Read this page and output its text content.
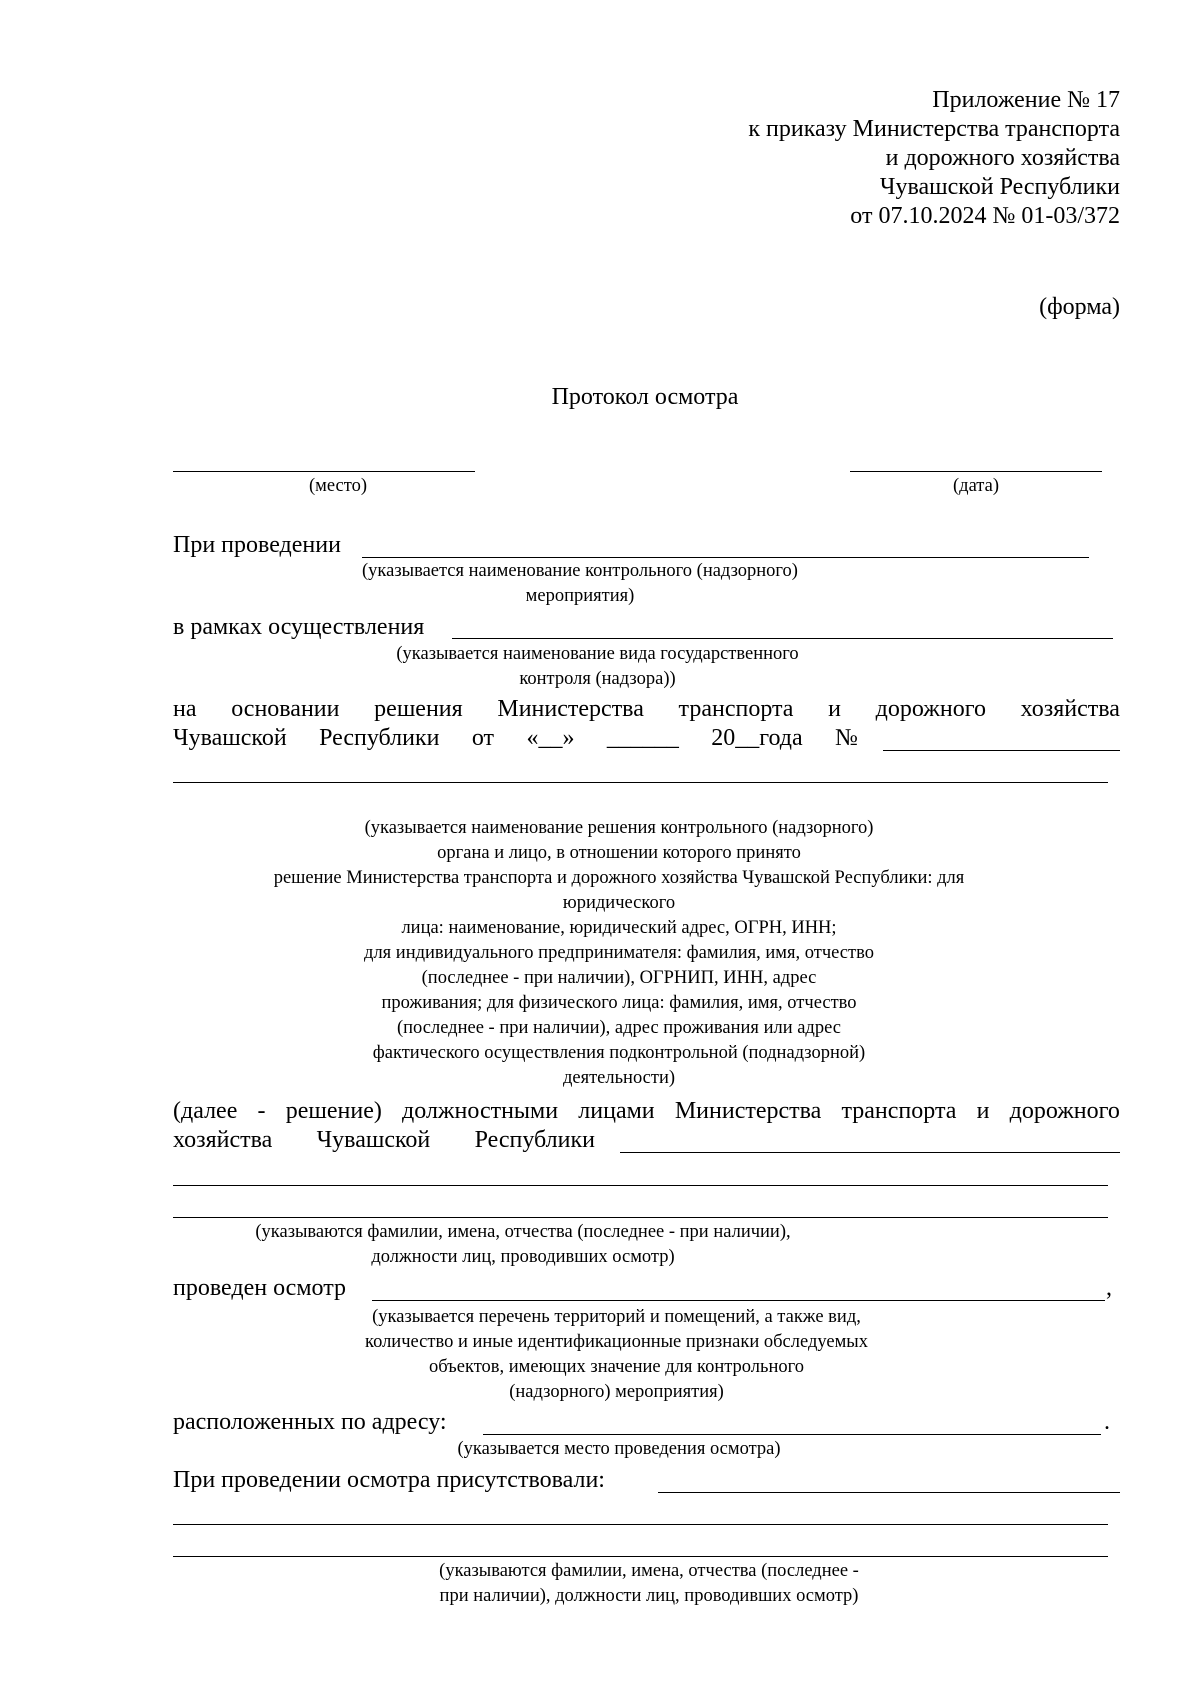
Приложение № 17
к приказу Министерства транспорта
и дорожного хозяйства
Чувашской Республики
от 07.10.2024 № 01-03/372
(форма)
Протокол осмотра
(место)	(дата)
При проведении
(указывается наименование контрольного (надзорного)
мероприятия)
в рамках осуществления
(указывается наименование вида государственного
контроля (надзора))
на основании решения Министерства транспорта и дорожного хозяйства
Чувашской Республики от «__» ______ 20__года №
(указывается наименование решения контрольного (надзорного)
органа и лицо, в отношении которого принято
решение Министерства транспорта и дорожного хозяйства Чувашской Республики: для
юридического
лица: наименование, юридический адрес, ОГРН, ИНН;
для индивидуального предпринимателя: фамилия, имя, отчество
(последнее - при наличии), ОГРНИП, ИНН, адрес
проживания; для физического лица: фамилия, имя, отчество
(последнее - при наличии), адрес проживания или адрес
фактического осуществления подконтрольной (поднадзорной)
деятельности)
(далее - решение) должностными лицами Министерства транспорта и дорожного
хозяйства Чувашской Республики
(указываются фамилии, имена, отчества (последнее - при наличии),
должности лиц, проводивших осмотр)
проведен осмотр	,
(указывается перечень территорий и помещений, а также вид,
количество и иные идентификационные признаки обследуемых
объектов, имеющих значение для контрольного
(надзорного) мероприятия)
расположенных по адресу:	.
(указывается место проведения осмотра)
При проведении осмотра присутствовали:
(указываются фамилии, имена, отчества (последнее -
при наличии), должности лиц, проводивших осмотр)
